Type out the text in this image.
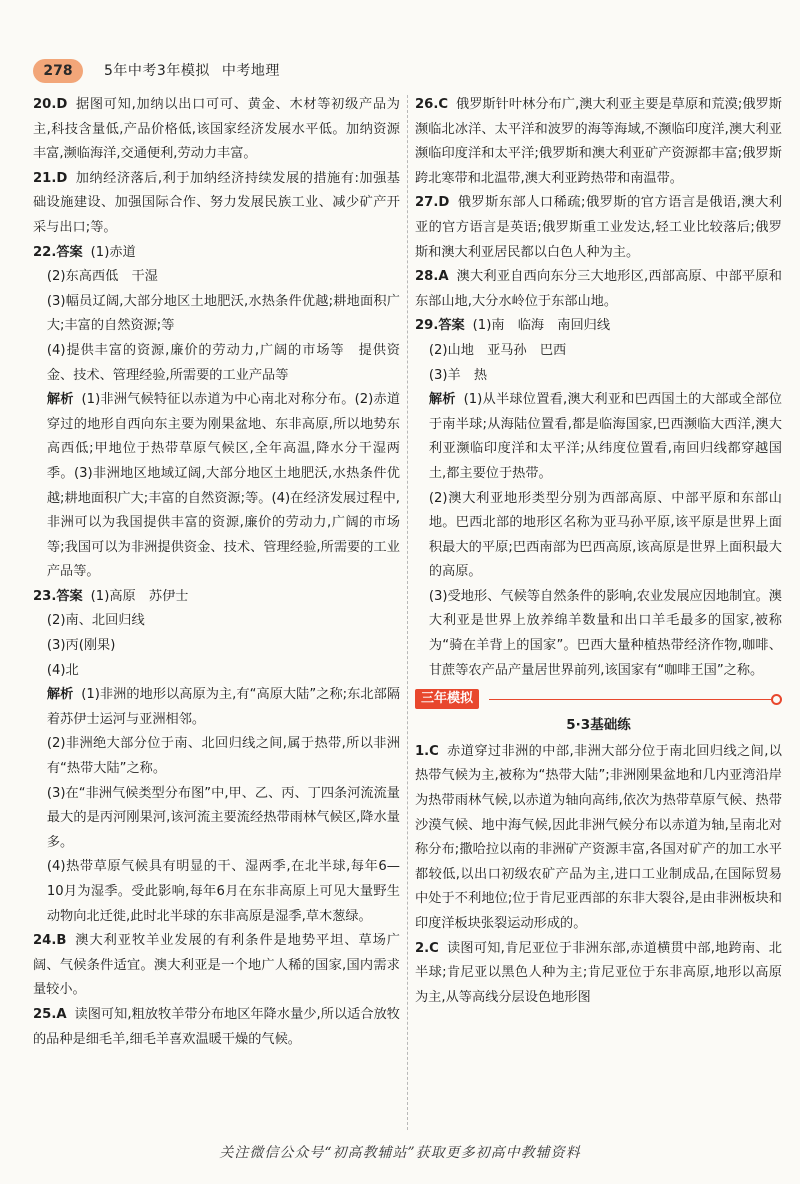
278	5年中考3年模拟 中考地理

20.D 据图可知,加纳以出口可可、黄金、木材等初级产品为主,科技含量低,产品价格低,该国家经济发展水平低。加纳资源丰富,濒临海洋,交通便利,劳动力丰富。

21.D 加纳经济落后,利于加纳经济持续发展的措施有:加强基础设施建设、加强国际合作、努力发展民族工业、减少矿产开采与出口;等。

22.答案 (1)赤道

(2)东高西低　干湿

(3)幅员辽阔,大部分地区土地肥沃,水热条件优越;耕地面积广大;丰富的自然资源;等

(4)提供丰富的资源,廉价的劳动力,广阔的市场等　提供资金、技术、管理经验,所需要的工业产品等

解析 (1)非洲气候特征以赤道为中心南北对称分布。(2)赤道穿过的地形自西向东主要为刚果盆地、东非高原,所以地势东高西低;甲地位于热带草原气候区,全年高温,降水分干湿两季。(3)非洲地区地域辽阔,大部分地区土地肥沃,水热条件优越;耕地面积广大;丰富的自然资源;等。(4)在经济发展过程中,非洲可以为我国提供丰富的资源,廉价的劳动力,广阔的市场等;我国可以为非洲提供资金、技术、管理经验,所需要的工业产品等。

23.答案 (1)高原　苏伊士

(2)南、北回归线

(3)丙(刚果)

(4)北

解析 (1)非洲的地形以高原为主,有“高原大陆”之称;东北部隔着苏伊士运河与亚洲相邻。

(2)非洲绝大部分位于南、北回归线之间,属于热带,所以非洲有“热带大陆”之称。

(3)在“非洲气候类型分布图”中,甲、乙、丙、丁四条河流流量最大的是丙河刚果河,该河流主要流经热带雨林气候区,降水量多。

(4)热带草原气候具有明显的干、湿两季,在北半球,每年6—10月为湿季。受此影响,每年6月在东非高原上可见大量野生动物向北迁徙,此时北半球的东非高原是湿季,草木葱绿。

24.B 澳大利亚牧羊业发展的有利条件是地势平坦、草场广阔、气候条件适宜。澳大利亚是一个地广人稀的国家,国内需求量较小。

25.A 读图可知,粗放牧羊带分布地区年降水量少,所以适合放牧的品种是细毛羊,细毛羊喜欢温暖干燥的气候。

26.C 俄罗斯针叶林分布广,澳大利亚主要是草原和荒漠;俄罗斯濒临北冰洋、太平洋和波罗的海等海域,不濒临印度洋,澳大利亚濒临印度洋和太平洋;俄罗斯和澳大利亚矿产资源都丰富;俄罗斯跨北寒带和北温带,澳大利亚跨热带和南温带。

27.D 俄罗斯东部人口稀疏;俄罗斯的官方语言是俄语,澳大利亚的官方语言是英语;俄罗斯重工业发达,轻工业比较落后;俄罗斯和澳大利亚居民都以白色人种为主。

28.A 澳大利亚自西向东分三大地形区,西部高原、中部平原和东部山地,大分水岭位于东部山地。

29.答案 (1)南　临海　南回归线

(2)山地　亚马孙　巴西

(3)羊　热

解析 (1)从半球位置看,澳大利亚和巴西国土的大部或全部位于南半球;从海陆位置看,都是临海国家,巴西濒临大西洋,澳大利亚濒临印度洋和太平洋;从纬度位置看,南回归线都穿越国土,都主要位于热带。

(2)澳大利亚地形类型分别为西部高原、中部平原和东部山地。巴西北部的地形区名称为亚马孙平原,该平原是世界上面积最大的平原;巴西南部为巴西高原,该高原是世界上面积最大的高原。

(3)受地形、气候等自然条件的影响,农业发展应因地制宜。澳大利亚是世界上放养绵羊数量和出口羊毛最多的国家,被称为“骑在羊背上的国家”。巴西大量种植热带经济作物,咖啡、甘蔗等农产品产量居世界前列,该国家有“咖啡王国”之称。

三年模拟

5·3基础练

1.C 赤道穿过非洲的中部,非洲大部分位于南北回归线之间,以热带气候为主,被称为“热带大陆”;非洲刚果盆地和几内亚湾沿岸为热带雨林气候,以赤道为轴向高纬,依次为热带草原气候、热带沙漠气候、地中海气候,因此非洲气候分布以赤道为轴,呈南北对称分布;撒哈拉以南的非洲矿产资源丰富,各国对矿产的加工水平都较低,以出口初级农矿产品为主,进口工业制成品,在国际贸易中处于不利地位;位于肯尼亚西部的东非大裂谷,是由非洲板块和印度洋板块张裂运动形成的。

2.C 读图可知,肯尼亚位于非洲东部,赤道横贯中部,地跨南、北半球;肯尼亚以黑色人种为主;肯尼亚位于东非高原,地形以高原为主,从等高线分层设色地形图

关注微信公众号“初高教辅站”获取更多初高中教辅资料
